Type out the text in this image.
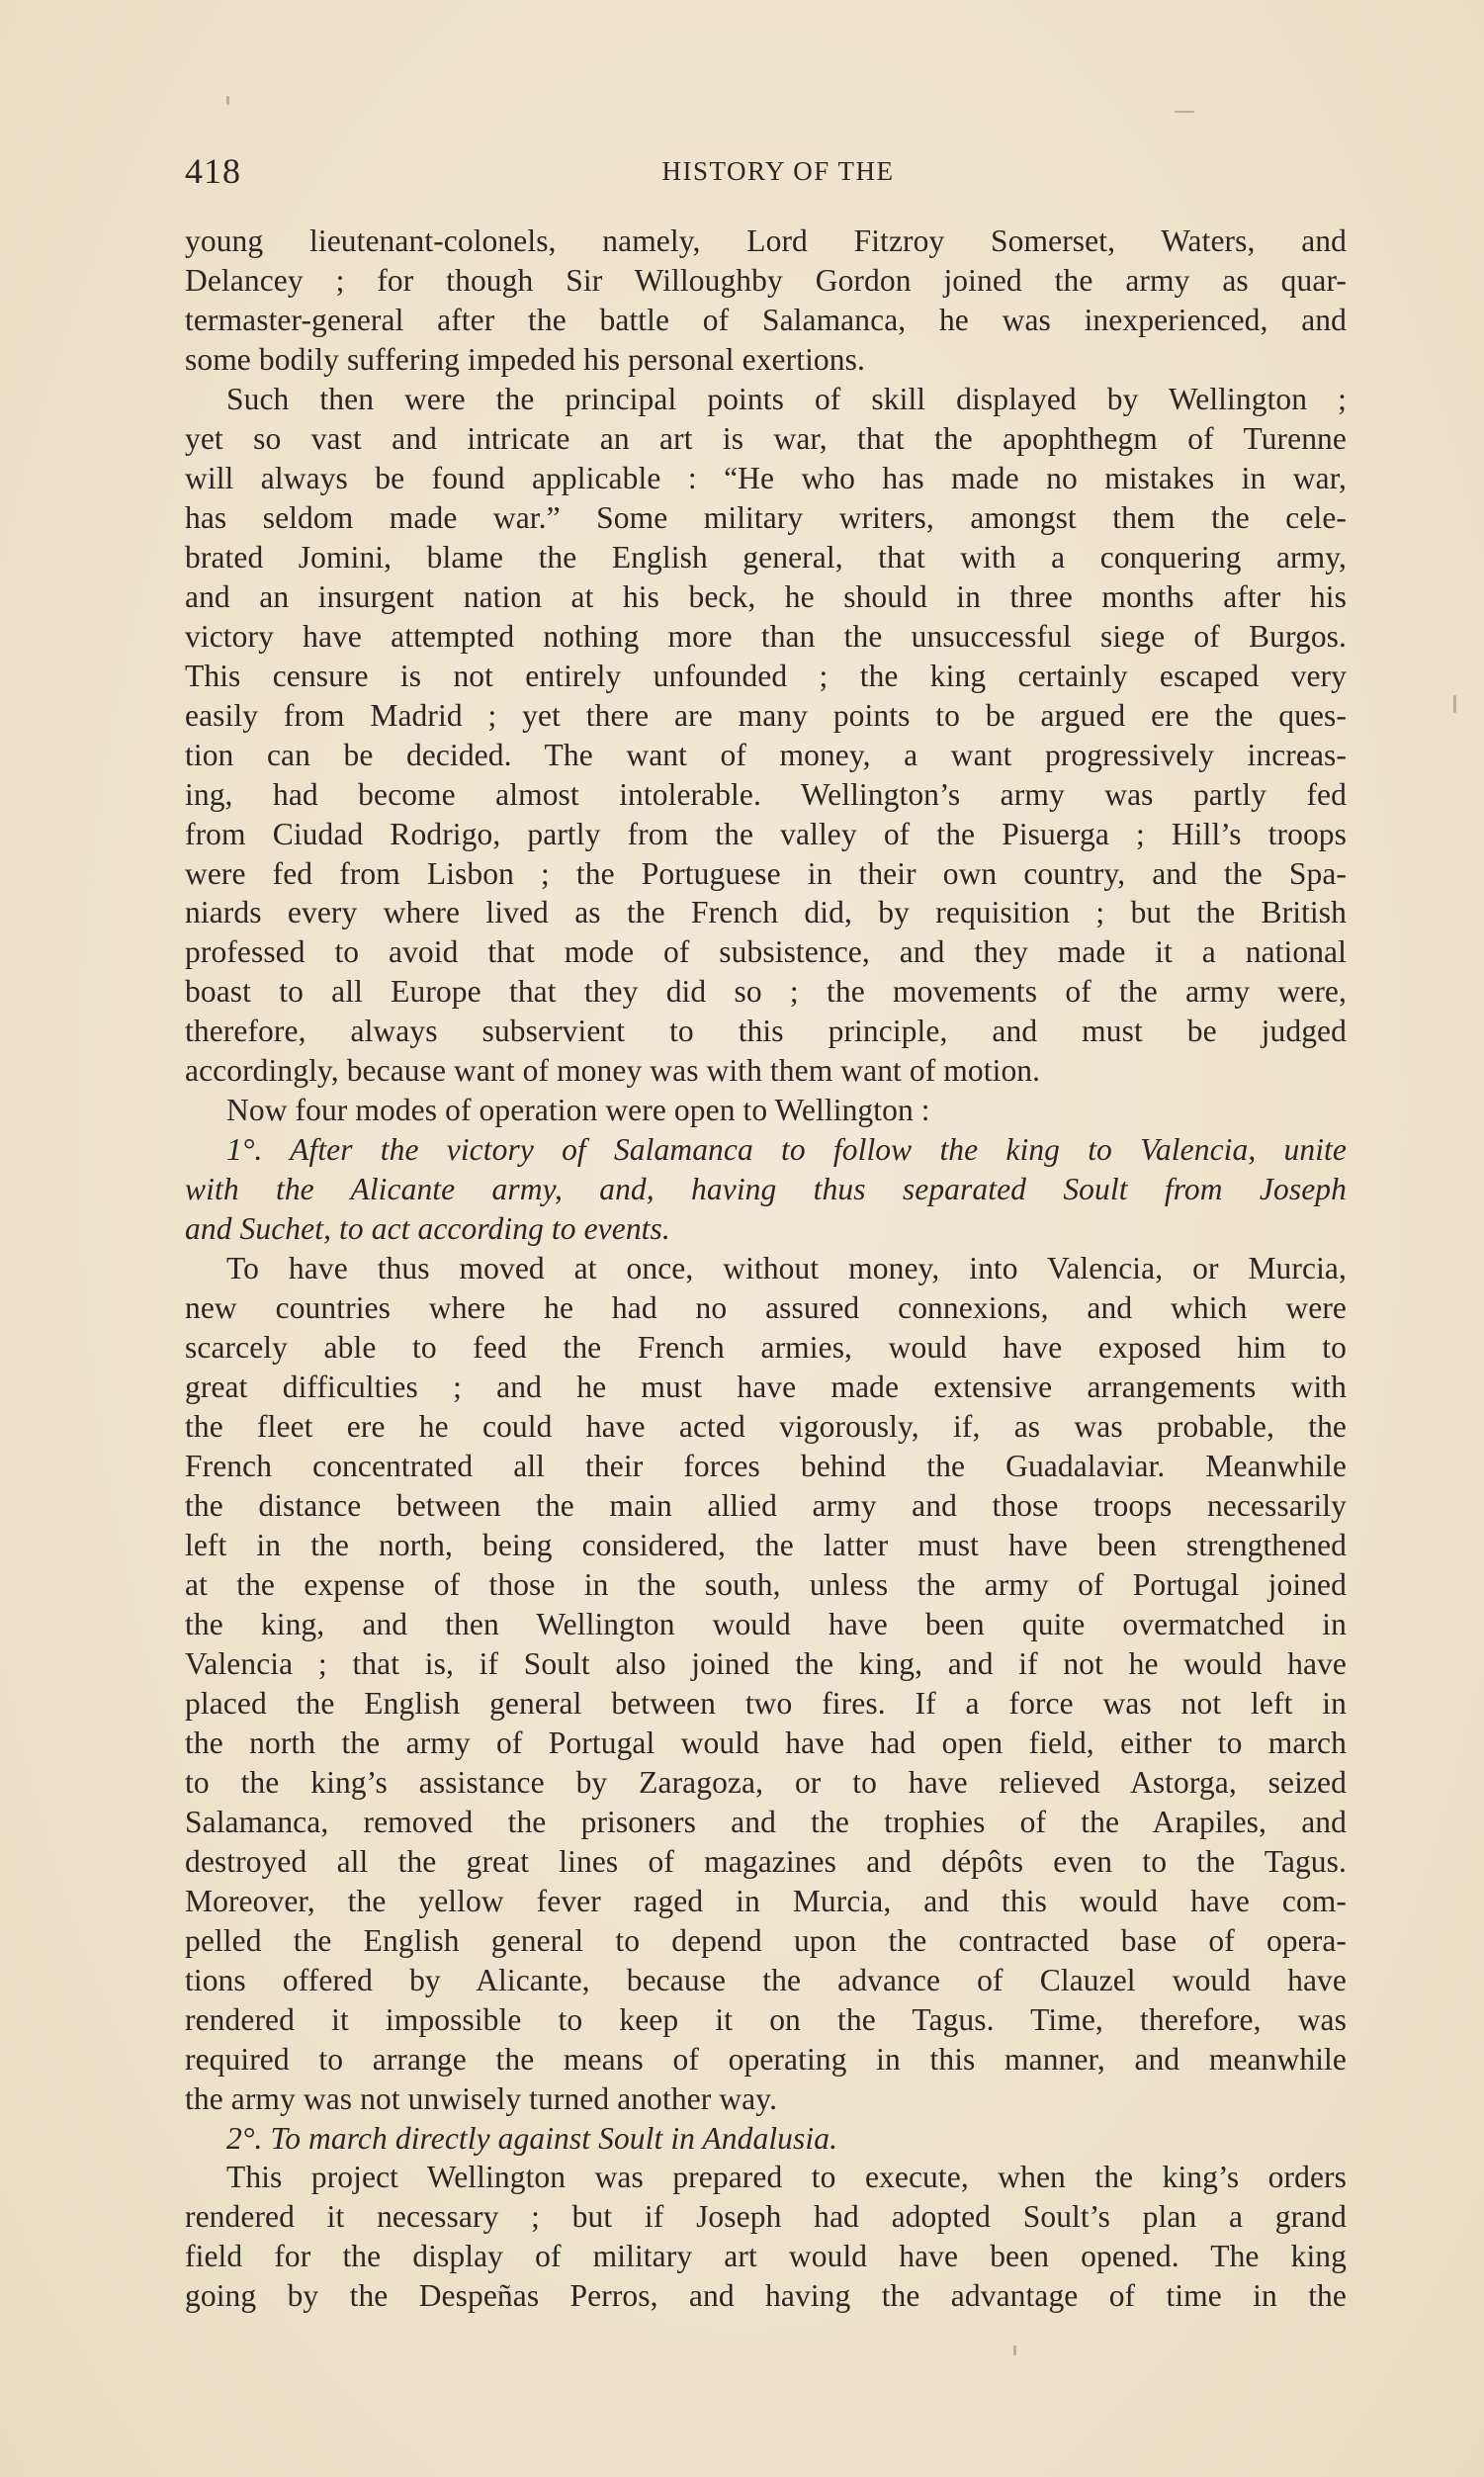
418	HISTORY OF THE
young lieutenant-colonels, namely, Lord Fitzroy Somerset, Waters, and
Delancey ; for though Sir Willoughby Gordon joined the army as quar-
termaster-general after the battle of Salamanca, he was inexperienced, and
some bodily suffering impeded his personal exertions.
Such then were the principal points of skill displayed by Wellington ;
yet so vast and intricate an art is war, that the apophthegm of Turenne
will always be found applicable : “He who has made no mistakes in war,
has seldom made war.” Some military writers, amongst them the cele-
brated Jomini, blame the English general, that with a conquering army,
and an insurgent nation at his beck, he should in three months after his
victory have attempted nothing more than the unsuccessful siege of Burgos.
This censure is not entirely unfounded ; the king certainly escaped very
easily from Madrid ; yet there are many points to be argued ere the ques-
tion can be decided. The want of money, a want progressively increas-
ing, had become almost intolerable. Wellington’s army was partly fed
from Ciudad Rodrigo, partly from the valley of the Pisuerga ; Hill’s troops
were fed from Lisbon ; the Portuguese in their own country, and the Spa-
niards every where lived as the French did, by requisition ; but the British
professed to avoid that mode of subsistence, and they made it a national
boast to all Europe that they did so ; the movements of the army were,
therefore, always subservient to this principle, and must be judged
accordingly, because want of money was with them want of motion.
Now four modes of operation were open to Wellington :
1°. After the victory of Salamanca to follow the king to Valencia, unite
with the Alicante army, and, having thus separated Soult from Joseph
and Suchet, to act according to events.
To have thus moved at once, without money, into Valencia, or Murcia,
new countries where he had no assured connexions, and which were
scarcely able to feed the French armies, would have exposed him to
great difficulties ; and he must have made extensive arrangements with
the fleet ere he could have acted vigorously, if, as was probable, the
French concentrated all their forces behind the Guadalaviar. Meanwhile
the distance between the main allied army and those troops necessarily
left in the north, being considered, the latter must have been strengthened
at the expense of those in the south, unless the army of Portugal joined
the king, and then Wellington would have been quite overmatched in
Valencia ; that is, if Soult also joined the king, and if not he would have
placed the English general between two fires. If a force was not left in
the north the army of Portugal would have had open field, either to march
to the king’s assistance by Zaragoza, or to have relieved Astorga, seized
Salamanca, removed the prisoners and the trophies of the Arapiles, and
destroyed all the great lines of magazines and dépôts even to the Tagus.
Moreover, the yellow fever raged in Murcia, and this would have com-
pelled the English general to depend upon the contracted base of opera-
tions offered by Alicante, because the advance of Clauzel would have
rendered it impossible to keep it on the Tagus. Time, therefore, was
required to arrange the means of operating in this manner, and meanwhile
the army was not unwisely turned another way.
2°. To march directly against Soult in Andalusia.
This project Wellington was prepared to execute, when the king’s orders
rendered it necessary ; but if Joseph had adopted Soult’s plan a grand
field for the display of military art would have been opened. The king
going by the Despeñas Perros, and having the advantage of time in the
